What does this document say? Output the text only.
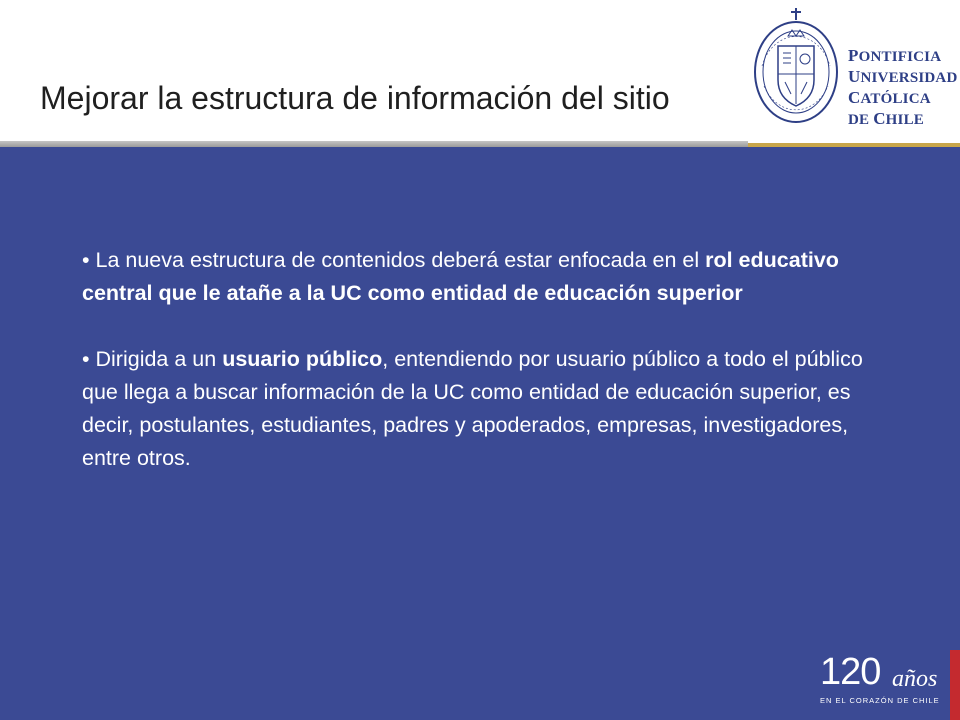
Mejorar la estructura de información del sitio
PONTIFICIA
UNIVERSIDAD
CATÓLICA
DE CHILE

• La nueva estructura de contenidos deberá estar enfocada en el rol educativo central que le atañe a la UC como entidad de educación superior

• Dirigida a un usuario público, entendiendo por usuario público a todo el público que llega a buscar información de la UC como entidad de educación superior, es decir, postulantes, estudiantes, padres y apoderados, empresas, investigadores, entre otros.

120 años
EN EL CORAZÓN DE CHILE
